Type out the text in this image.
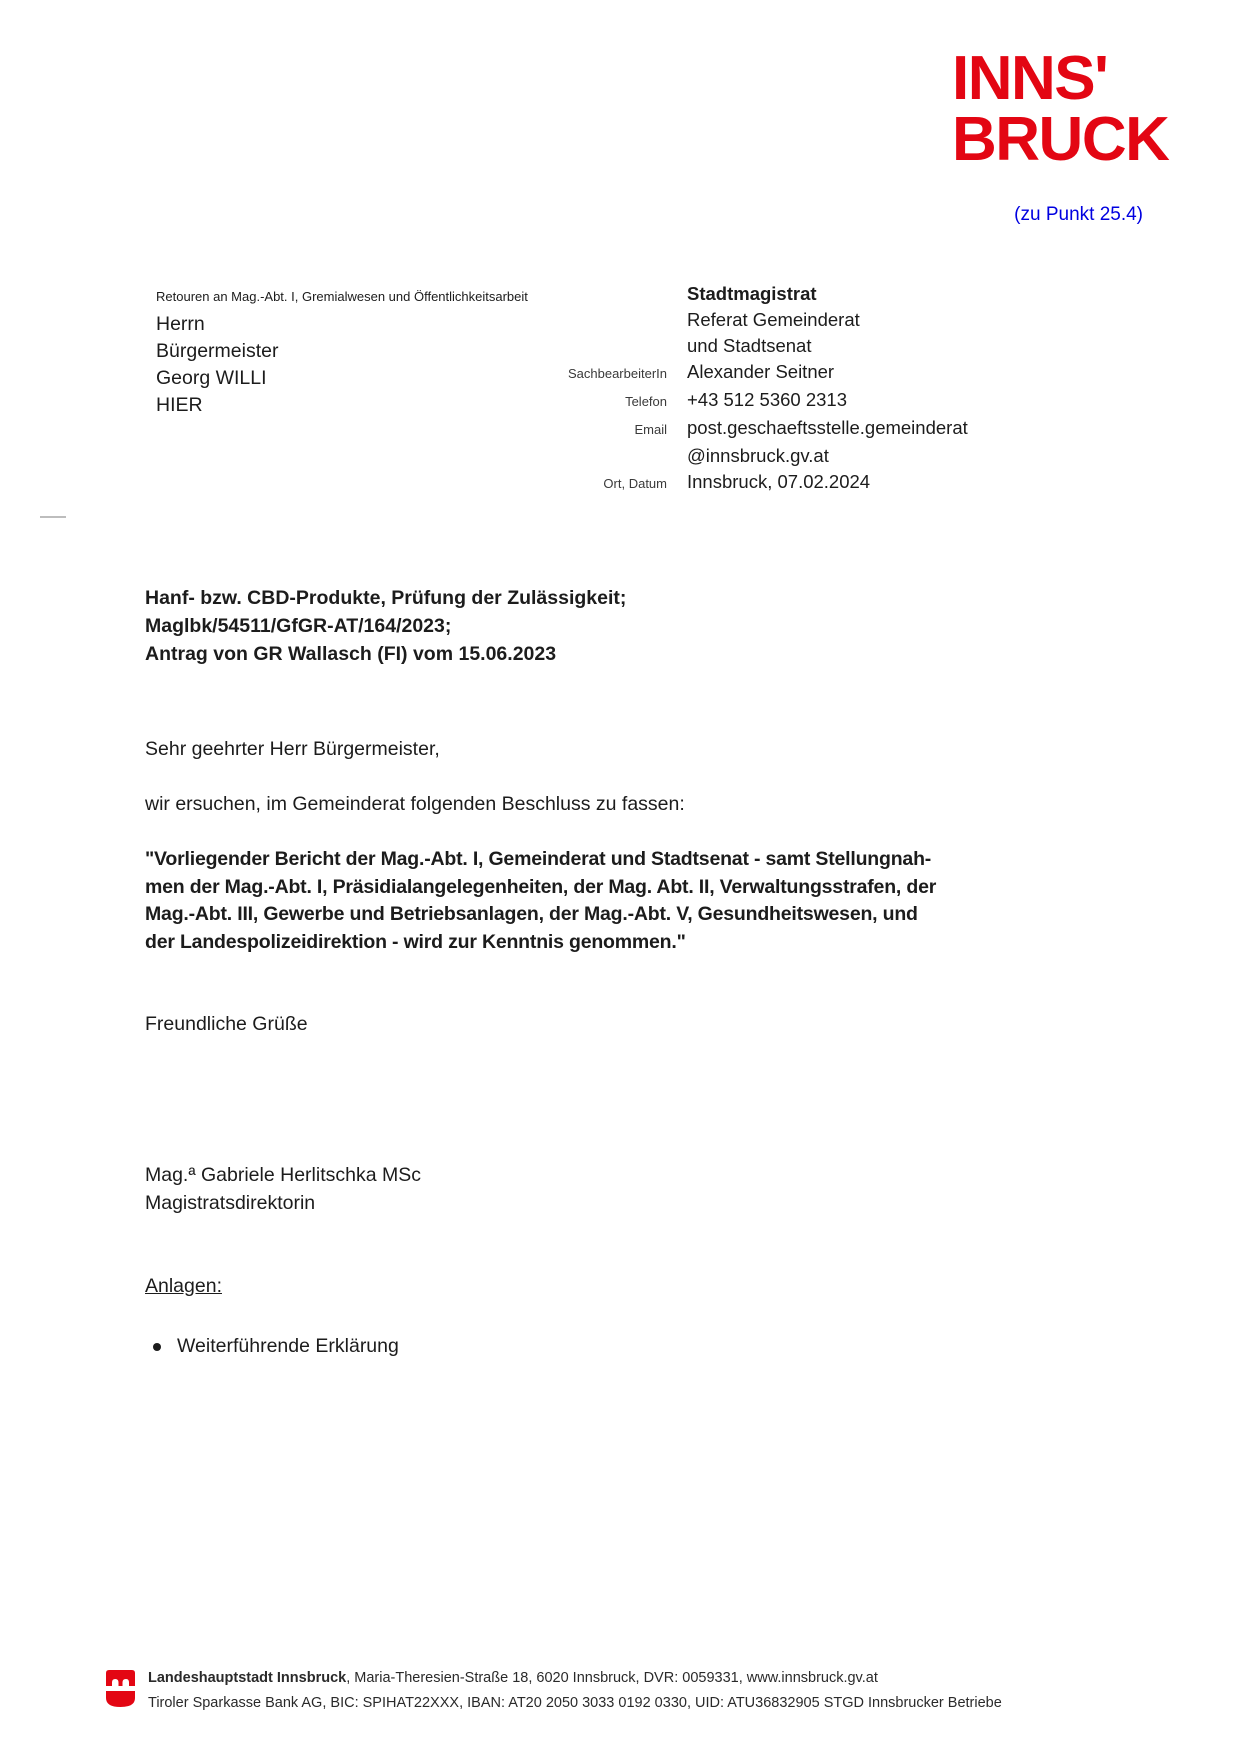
INNS'
BRUCK
(zu Punkt 25.4)
Retouren an Mag.-Abt. I, Gremialwesen und Öffentlichkeitsarbeit
Herrn
Bürgermeister
Georg WILLI
HIER
Stadtmagistrat
Referat Gemeinderat
und Stadtsenat
SachbearbeiterIn Alexander Seitner
Telefon +43 512 5360 2313
Email post.geschaeftsstelle.gemeinderat
@innsbruck.gv.at
Ort, Datum Innsbruck, 07.02.2024
Hanf- bzw. CBD-Produkte, Prüfung der Zulässigkeit;
Maglbk/54511/GfGR-AT/164/2023;
Antrag von GR Wallasch (FI) vom 15.06.2023
Sehr geehrter Herr Bürgermeister,
wir ersuchen, im Gemeinderat folgenden Beschluss zu fassen:
"Vorliegender Bericht der Mag.-Abt. I, Gemeinderat und Stadtsenat - samt Stellungnah-
men der Mag.-Abt. I, Präsidialangelegenheiten, der Mag. Abt. II, Verwaltungsstrafen, der
Mag.-Abt. III, Gewerbe und Betriebsanlagen, der Mag.-Abt. V, Gesundheitswesen, und
der Landespolizeidirektion - wird zur Kenntnis genommen."
Freundliche Grüße
Mag.ª Gabriele Herlitschka MSc
Magistratsdirektorin
Anlagen:
Weiterführende Erklärung
Landeshauptstadt Innsbruck, Maria-Theresien-Straße 18, 6020 Innsbruck, DVR: 0059331, www.innsbruck.gv.at
Tiroler Sparkasse Bank AG, BIC: SPIHAT22XXX, IBAN: AT20 2050 3033 0192 0330, UID: ATU36832905 STGD Innsbrucker Betriebe
